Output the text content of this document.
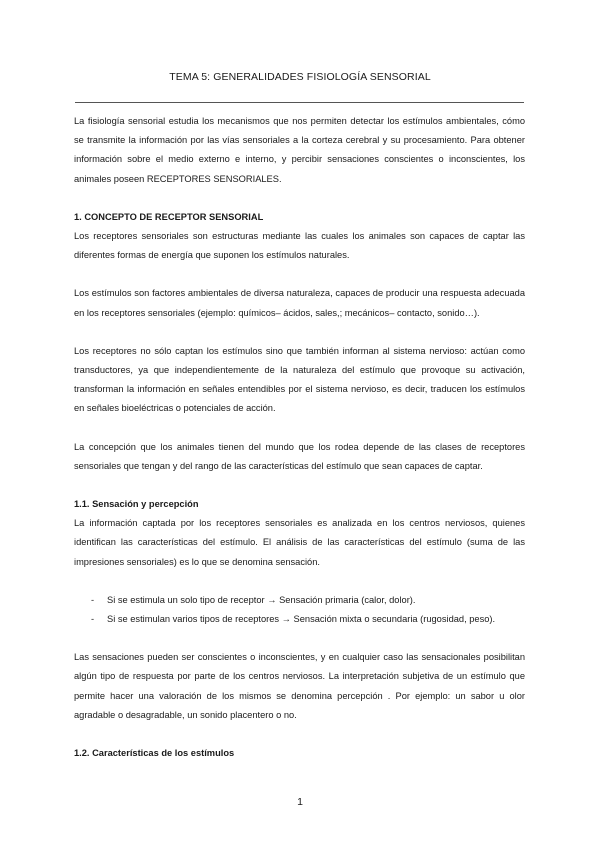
TEMA 5: GENERALIDADES FISIOLOGÍA SENSORIAL

La fisiología sensorial estudia los mecanismos que nos permiten detectar los estímulos ambientales, cómo se transmite la información por las vías sensoriales a la corteza cerebral y su procesamiento. Para obtener información sobre el medio externo e interno, y percibir sensaciones conscientes o inconscientes, los animales poseen RECEPTORES SENSORIALES.

1. CONCEPTO DE RECEPTOR SENSORIAL

Los receptores sensoriales son estructuras mediante las cuales los animales son capaces de captar las diferentes formas de energía que suponen los estímulos naturales.

Los estímulos son factores ambientales de diversa naturaleza, capaces de producir una respuesta adecuada en los receptores sensoriales (ejemplo: químicos– ácidos, sales,; mecánicos– contacto, sonido…).

Los receptores no sólo captan los estímulos sino que también informan al sistema nervioso: actúan como transductores, ya que independientemente de la naturaleza del estímulo que provoque su activación, transforman la información en señales entendibles por el sistema nervioso, es decir, traducen los estímulos en señales bioeléctricas o potenciales de acción.

La concepción que los animales tienen del mundo que los rodea depende de las clases de receptores sensoriales que tengan y del rango de las características del estímulo que sean capaces de captar.

1.1. Sensación y percepción

La información captada por los receptores sensoriales es analizada en los centros nerviosos, quienes identifican las características del estímulo. El análisis de las características del estímulo (suma de las impresiones sensoriales) es lo que se denomina sensación.

- Si se estimula un solo tipo de receptor → Sensación primaria (calor, dolor).
- Si se estimulan varios tipos de receptores → Sensación mixta o secundaria (rugosidad, peso).

Las sensaciones pueden ser conscientes o inconscientes, y en cualquier caso las sensacionales posibilitan algún tipo de respuesta por parte de los centros nerviosos. La interpretación subjetiva de un estímulo que permite hacer una valoración de los mismos se denomina percepción . Por ejemplo: un sabor u olor agradable o desagradable, un sonido placentero o no.

1.2. Características de los estímulos
1
